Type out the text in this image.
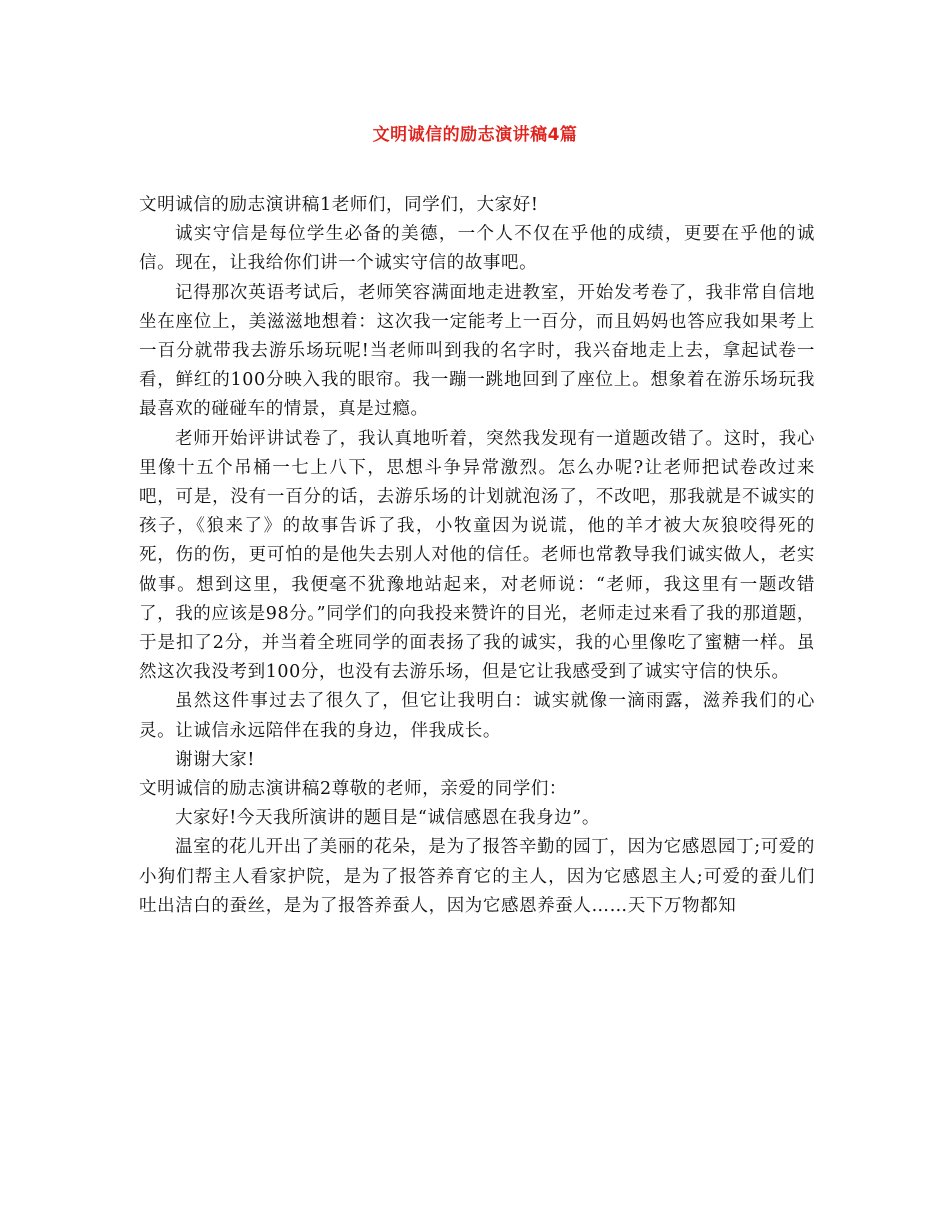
文明诚信的励志演讲稿4篇

文明诚信的励志演讲稿1老师们，同学们，大家好!

诚实守信是每位学生必备的美德，一个人不仅在乎他的成绩，更要在乎他的诚信。现在，让我给你们讲一个诚实守信的故事吧。

记得那次英语考试后，老师笑容满面地走进教室，开始发考卷了，我非常自信地坐在座位上，美滋滋地想着：这次我一定能考上一百分，而且妈妈也答应我如果考上一百分就带我去游乐场玩呢!当老师叫到我的名字时，我兴奋地走上去，拿起试卷一看，鲜红的100分映入我的眼帘。我一蹦一跳地回到了座位上。想象着在游乐场玩我最喜欢的碰碰车的情景，真是过瘾。

老师开始评讲试卷了，我认真地听着，突然我发现有一道题改错了。这时，我心里像十五个吊桶一七上八下，思想斗争异常激烈。怎么办呢?让老师把试卷改过来吧，可是，没有一百分的话，去游乐场的计划就泡汤了，不改吧，那我就是不诚实的孩子，《狼来了》的故事告诉了我，小牧童因为说谎，他的羊才被大灰狼咬得死的死，伤的伤，更可怕的是他失去别人对他的信任。老师也常教导我们诚实做人，老实做事。想到这里，我便毫不犹豫地站起来，对老师说：“老师，我这里有一题改错了，我的应该是98分。”同学们的向我投来赞许的目光，老师走过来看了我的那道题，于是扣了2分，并当着全班同学的面表扬了我的诚实，我的心里像吃了蜜糖一样。虽然这次我没考到100分，也没有去游乐场，但是它让我感受到了诚实守信的快乐。

虽然这件事过去了很久了，但它让我明白：诚实就像一滴雨露，滋养我们的心灵。让诚信永远陪伴在我的身边，伴我成长。

谢谢大家!

文明诚信的励志演讲稿2尊敬的老师，亲爱的同学们：

大家好!今天我所演讲的题目是“诚信感恩在我身边”。

温室的花儿开出了美丽的花朵，是为了报答辛勤的园丁，因为它感恩园丁;可爱的小狗们帮主人看家护院，是为了报答养育它的主人，因为它感恩主人;可爱的蚕儿们吐出洁白的蚕丝，是为了报答养蚕人，因为它感恩养蚕人……天下万物都知
